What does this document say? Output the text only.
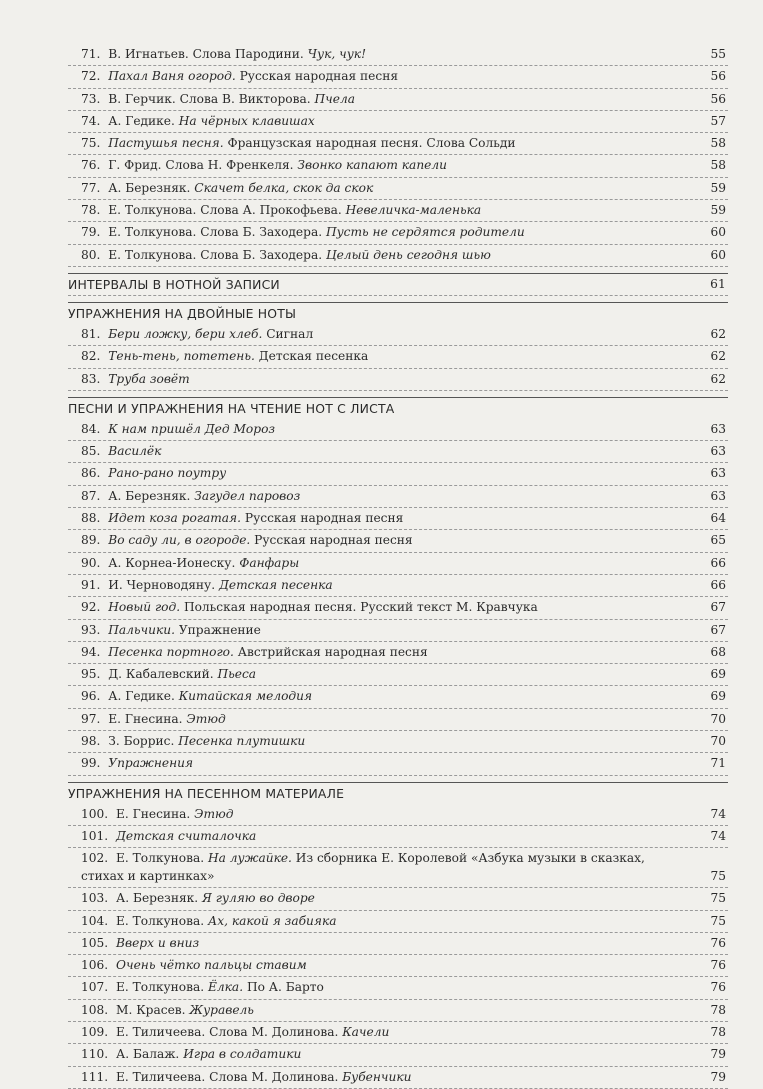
71. В. Игнатьев. Слова Пародини. Чук, чук!	55
72. Пахал Ваня огород. Русская народная песня	56
73. В. Герчик. Слова В. Викторова. Пчела	56
74. А. Гедике. На чёрных клавишах	57
75. Пастушья песня. Французская народная песня. Слова Сольди	58
76. Г. Фрид. Слова Н. Френкеля. Звонко капают капели	58
77. А. Березняк. Скачет белка, скок да скок	59
78. Е. Толкунова. Слова А. Прокофьева. Невеличка-маленька	59
79. Е. Толкунова. Слова Б. Заходера. Пусть не сердятся родители	60
80. Е. Толкунова. Слова Б. Заходера. Целый день сегодня шью	60
ИНТЕРВАЛЫ В НОТНОЙ ЗАПИСИ	61
УПРАЖНЕНИЯ НА ДВОЙНЫЕ НОТЫ
81. Бери ложку, бери хлеб. Сигнал	62
82. Тень-тень, потетень. Детская песенка	62
83. Труба зовёт	62
ПЕСНИ И УПРАЖНЕНИЯ НА ЧТЕНИЕ НОТ С ЛИСТА
84. К нам пришёл Дед Мороз	63
85. Василёк	63
86. Рано-рано поутру	63
87. А. Березняк. Загудел паровоз	63
88. Идет коза рогатая. Русская народная песня	64
89. Во саду ли, в огороде. Русская народная песня	65
90. А. Корнеа-Ионеску. Фанфары	66
91. И. Черноводяну. Детская песенка	66
92. Новый год. Польская народная песня. Русский текст М. Кравчука	67
93. Пальчики. Упражнение	67
94. Песенка портного. Австрийская народная песня	68
95. Д. Кабалевский. Пьеса	69
96. А. Гедике. Китайская мелодия	69
97. Е. Гнесина. Этюд	70
98. З. Боррис. Песенка плутишки	70
99. Упражнения	71
УПРАЖНЕНИЯ НА ПЕСЕННОМ МАТЕРИАЛЕ
100. Е. Гнесина. Этюд	74
101. Детская считалочка	74
102. Е. Толкунова. На лужайке. Из сборника Е. Королевой «Азбука музыки в сказках, стихах и картинках»	75
103. А. Березняк. Я гуляю во дворе	75
104. Е. Толкунова. Ах, какой я забияка	75
105. Вверх и вниз	76
106. Очень чётко пальцы ставим	76
107. Е. Толкунова. Ёлка. По А. Барто	76
108. М. Красев. Журавель	78
109. Е. Тиличеева. Слова М. Долинова. Качели	78
110. А. Балаж. Игра в солдатики	79
111. Е. Тиличеева. Слова М. Долинова. Бубенчики	79
